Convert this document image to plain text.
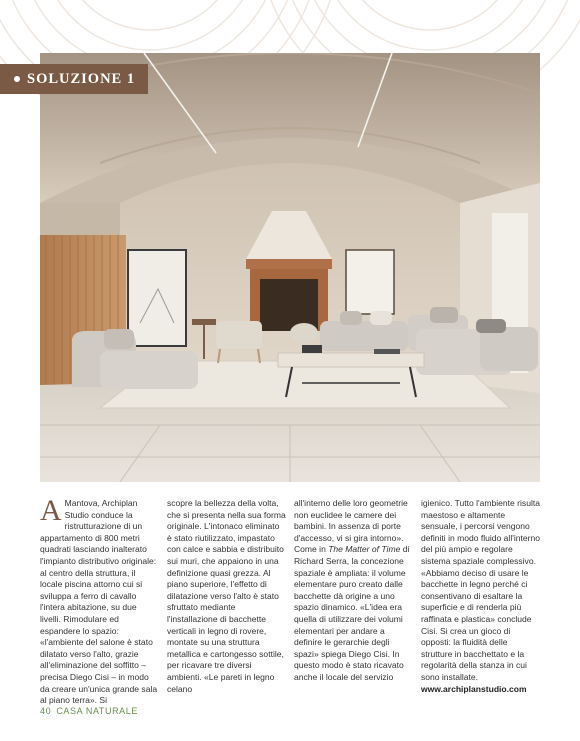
SOLUZIONE 1

A Mantova, Archiplan Studio conduce la ristrutturazione di un appartamento di 800 metri quadrati lasciando inalterato l'impianto distributivo originale: al centro della struttura, il locale piscina attorno cui si sviluppa a ferro di cavallo l'intera abitazione, su due livelli. Rimodulare ed espandere lo spazio: «l'ambiente del salone è stato dilatato verso l'alto, grazie all'eliminazione del soffitto – precisa Diego Cisi – in modo da creare un'unica grande sala al piano terra». Si

scopre la bellezza della volta, che si presenta nella sua forma originale. L'intonaco eliminato è stato riutilizzato, impastato con calce e sabbia e distribuito sui muri, che appaiono in una definizione quasi grezza. Al piano superiore, l'effetto di dilatazione verso l'alto è stato sfruttato mediante l'installazione di bacchette verticali in legno di rovere, montate su una struttura metallica e cartongesso sottile, per ricavare tre diversi ambienti. «Le pareti in legno celano

all'interno delle loro geometrie non euclidee le camere dei bambini. In assenza di porte d'accesso, vi si gira intorno». Come in The Matter of Time di Richard Serra, la concezione spaziale è ampliata: il volume elementare puro creato dalle bacchette dà origine a uno spazio dinamico. «L'idea era quella di utilizzare dei volumi elementari per andare a definire le gerarchie degli spazi» spiega Diego Cisi. In questo modo è stato ricavato anche il locale del servizio

igienico. Tutto l'ambiente risulta maestoso e altamente sensuale, i percorsi vengono definiti in modo fluido all'interno del più ampio e regolare sistema spaziale complessivo. «Abbiamo deciso di usare le bacchette in legno perché ci consentivano di esaltare la superficie e di renderla più raffinata e plastica» conclude Cisi. Si crea un gioco di opposti: la fluidità delle strutture in bacchettato e la regolarità della stanza in cui sono installate.

www.archiplanstudio.com

40 CASA NATURALE
